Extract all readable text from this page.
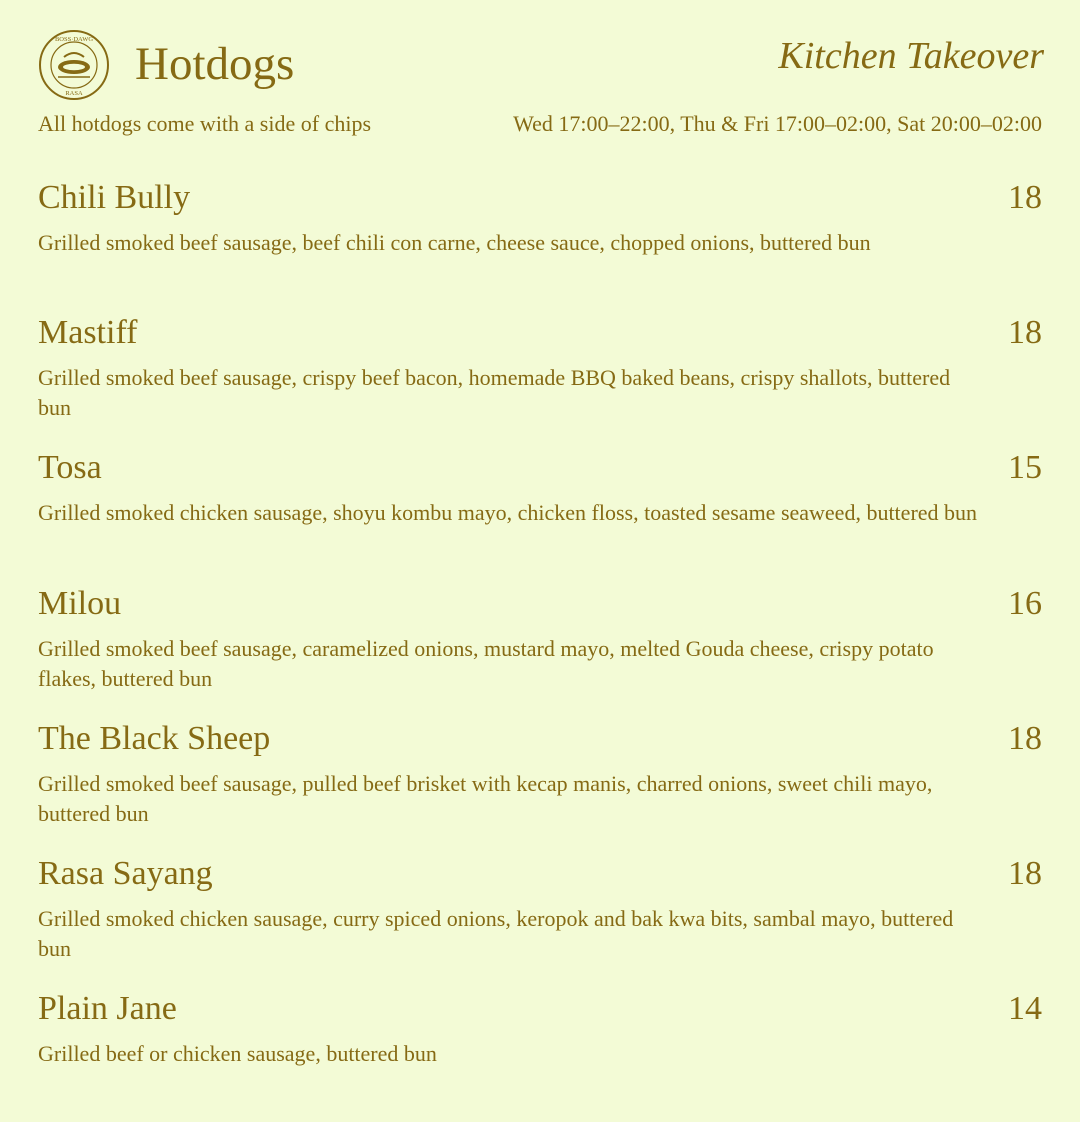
BOSS·DAWG
RASA
Hotdogs	Kitchen Takeover
All hotdogs come with a side of chips	Wed 17:00–22:00, Thu & Fri 17:00–02:00, Sat 20:00–02:00
Chili Bully	18
Grilled smoked beef sausage, beef chili con carne, cheese sauce, chopped onions, buttered bun
Mastiff	18
Grilled smoked beef sausage, crispy beef bacon, homemade BBQ baked beans, crispy shallots, buttered bun
Tosa	15
Grilled smoked chicken sausage, shoyu kombu mayo, chicken floss, toasted sesame seaweed, buttered bun
Milou	16
Grilled smoked beef sausage, caramelized onions, mustard mayo, melted Gouda cheese, crispy potato flakes, buttered bun
The Black Sheep	18
Grilled smoked beef sausage, pulled beef brisket with kecap manis, charred onions, sweet chili mayo, buttered bun
Rasa Sayang	18
Grilled smoked chicken sausage, curry spiced onions, keropok and bak kwa bits, sambal mayo, buttered bun
Plain Jane	14
Grilled beef or chicken sausage, buttered bun
